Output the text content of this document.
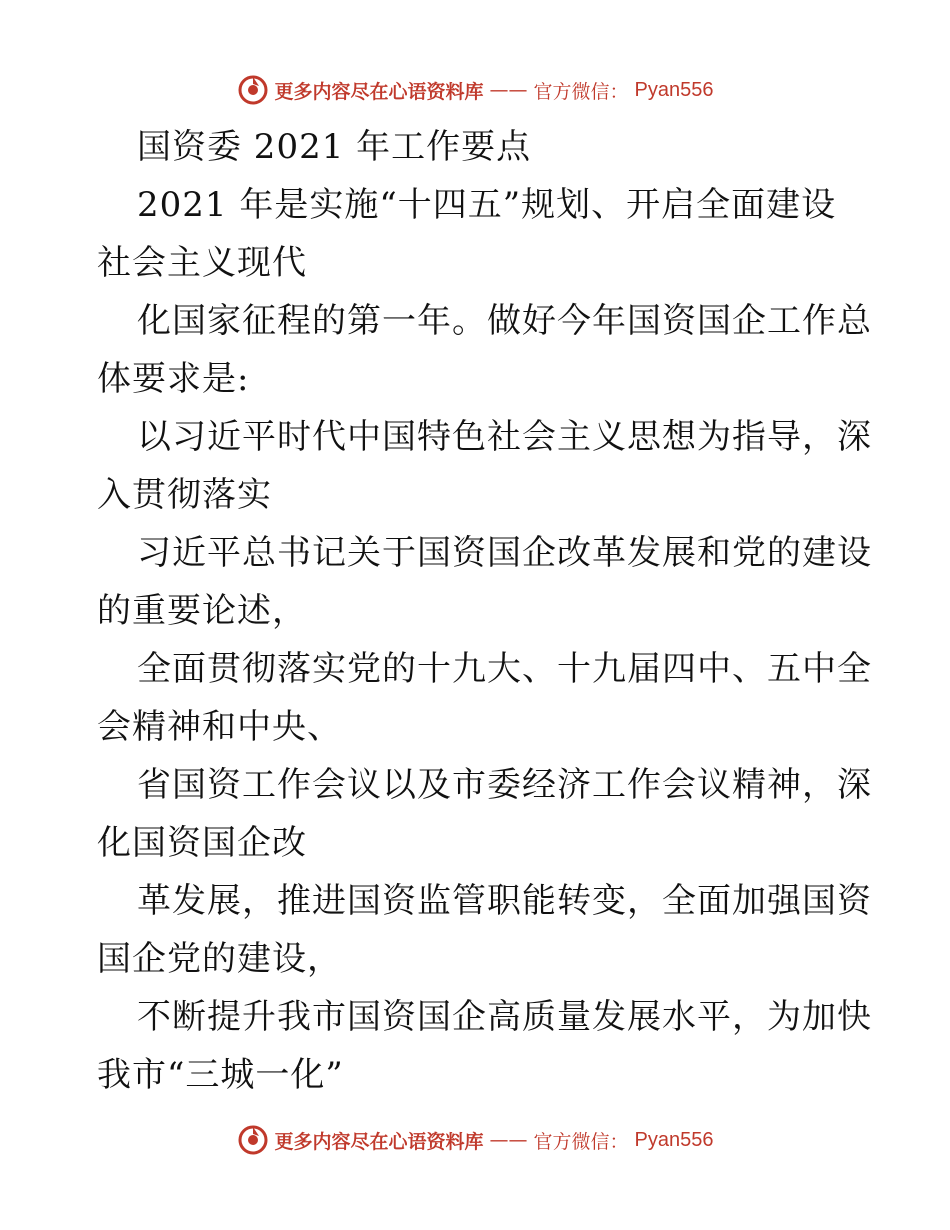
更多内容尽在心语资料库 —— 官方微信： Pyan556
国资委 2021 年工作要点
2021 年是实施“十四五”规划、开启全面建设
社会主义现代
化国家征程的第一年。做好今年国资国企工作总
体要求是:
以习近平时代中国特色社会主义思想为指导，深
入贯彻落实
习近平总书记关于国资国企改革发展和党的建设
的重要论述，
全面贯彻落实党的十九大、十九届四中、五中全
会精神和中央、
省国资工作会议以及市委经济工作会议精神，深
化国资国企改
革发展，推进国资监管职能转变，全面加强国资
国企党的建设，
不断提升我市国资国企高质量发展水平，为加快
我市“三城一化”
更多内容尽在心语资料库 —— 官方微信： Pyan556
